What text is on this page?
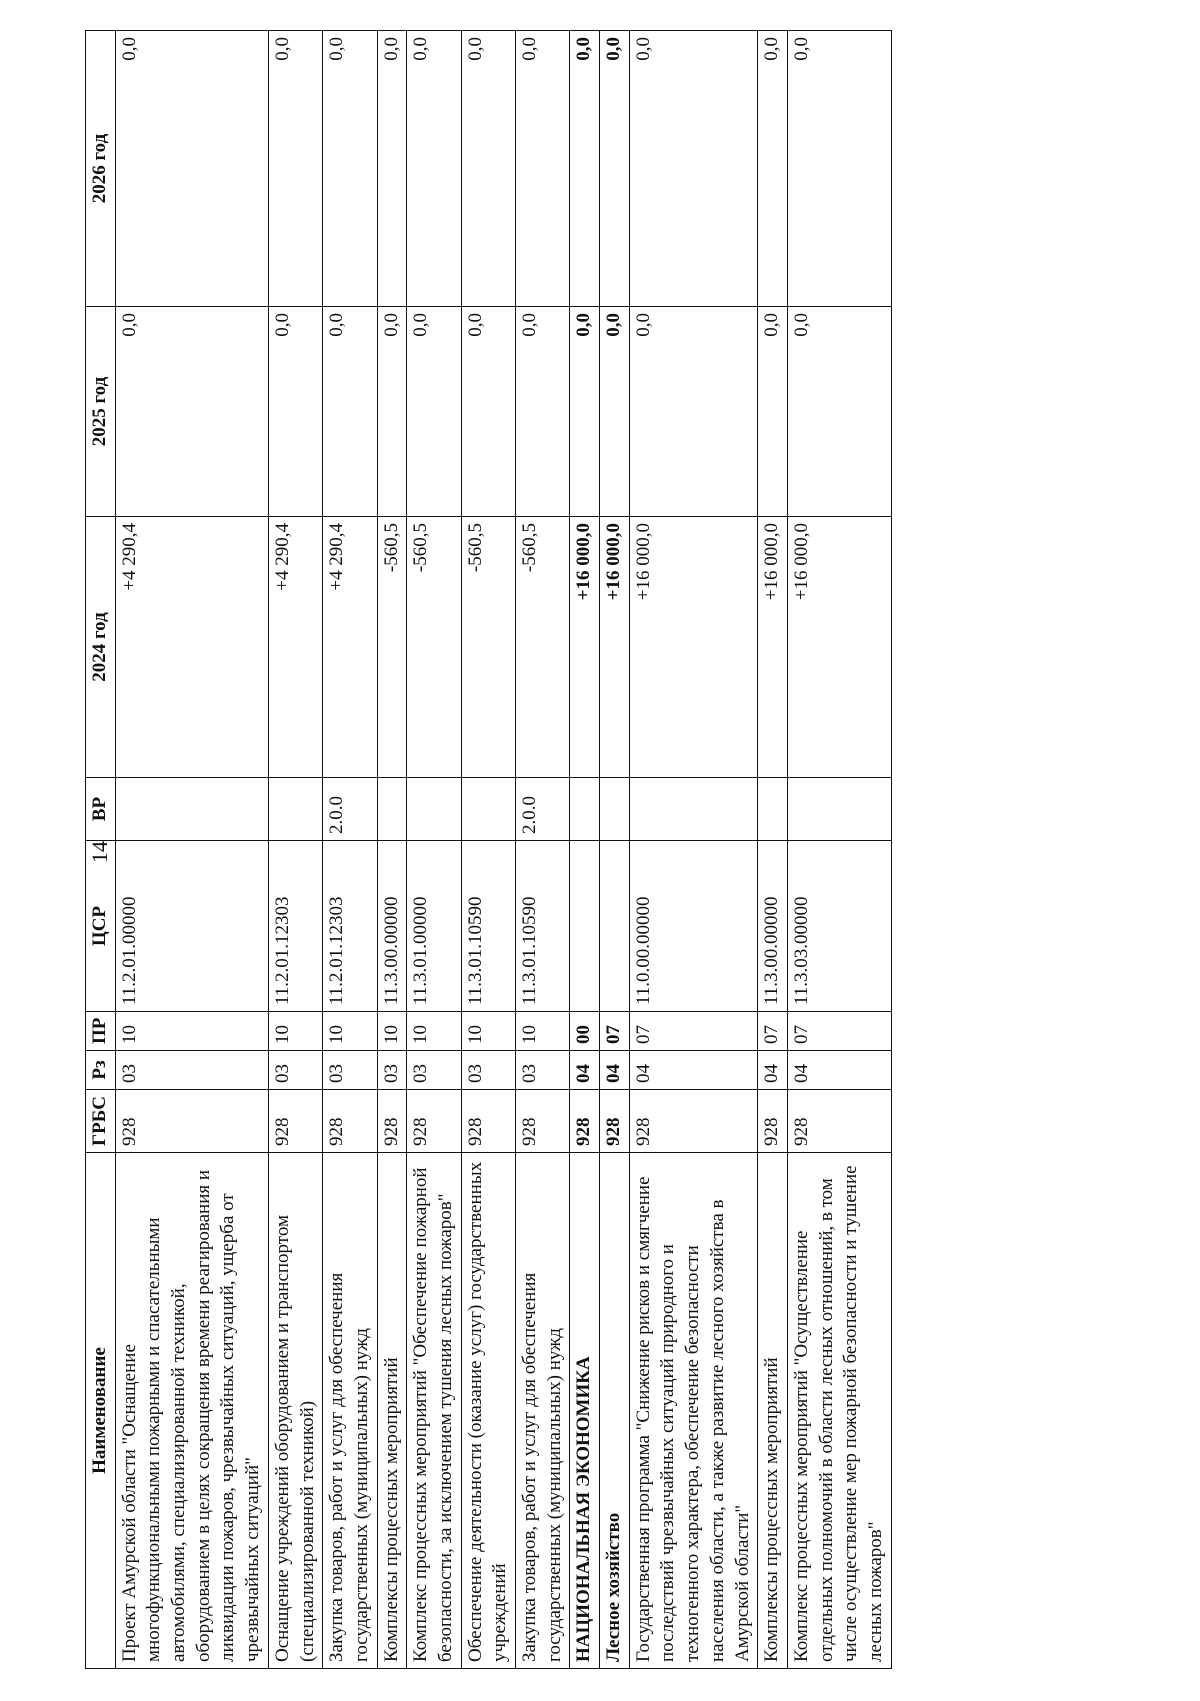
14
Наименование	ГРБС	Рз	ПР	ЦСР	ВР	2024 год	2025 год	2026 год
Проект Амурской области "Оснащение многофункциональными пожарными и спасательными автомобилями, специализированной техникой, оборудованием в целях сокращения времени реагирования и ликвидации пожаров, чрезвычайных ситуаций, ущерба от чрезвычайных ситуаций"	928	03	10	11.2.01.00000		+4 290,4	0,0	0,0
Оснащение учреждений оборудованием и транспортом (специализированной техникой)	928	03	10	11.2.01.12303		+4 290,4	0,0	0,0
Закупка товаров, работ и услуг для обеспечения государственных (муниципальных) нужд	928	03	10	11.2.01.12303	2.0.0	+4 290,4	0,0	0,0
Комплексы процессных мероприятий	928	03	10	11.3.00.00000		-560,5	0,0	0,0
Комплекс процессных мероприятий "Обеспечение пожарной безопасности, за исключением тушения лесных пожаров"	928	03	10	11.3.01.00000		-560,5	0,0	0,0
Обеспечение деятельности (оказание услуг) государственных учреждений	928	03	10	11.3.01.10590		-560,5	0,0	0,0
Закупка товаров, работ и услуг для обеспечения государственных (муниципальных) нужд	928	03	10	11.3.01.10590	2.0.0	-560,5	0,0	0,0
НАЦИОНАЛЬНАЯ ЭКОНОМИКА	928	04	00			+16 000,0	0,0	0,0
Лесное хозяйство	928	04	07			+16 000,0	0,0	0,0
Государственная программа "Снижение рисков и смягчение последствий чрезвычайных ситуаций природного и техногенного характера, обеспечение безопасности населения области, а также развитие лесного хозяйства в Амурской области"	928	04	07	11.0.00.00000		+16 000,0	0,0	0,0
Комплексы процессных мероприятий	928	04	07	11.3.00.00000		+16 000,0	0,0	0,0
Комплекс процессных мероприятий "Осуществление отдельных полномочий в области лесных отношений, в том числе осуществление мер пожарной безопасности и тушение лесных пожаров"	928	04	07	11.3.03.00000		+16 000,0	0,0	0,0
